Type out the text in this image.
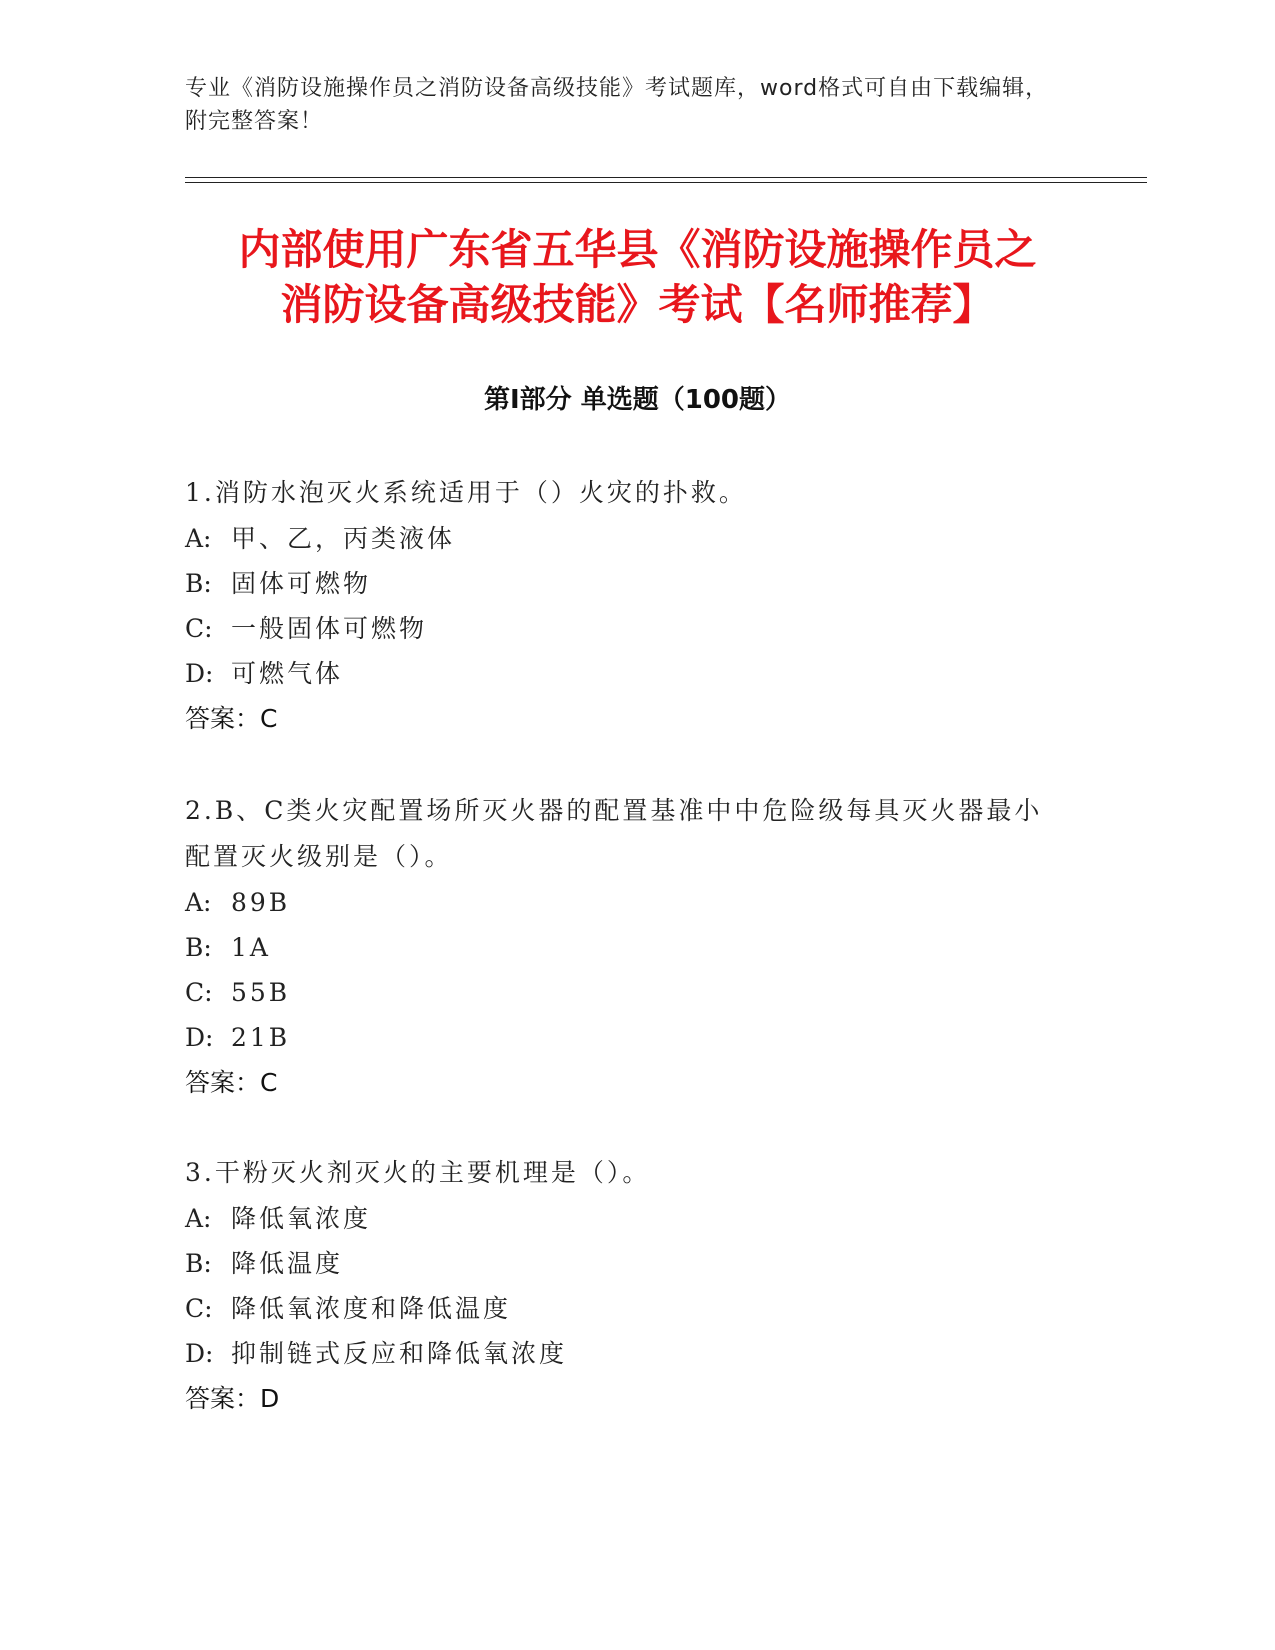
专业《消防设施操作员之消防设备高级技能》考试题库，word格式可自由下载编辑，附完整答案！

内部使用广东省五华县《消防设施操作员之
消防设备高级技能》考试【名师推荐】
第I部分 单选题（100题）

1.消防水泡灭火系统适用于（）火灾的扑救。

A: 甲、乙，丙类液体

B: 固体可燃物

C: 一般固体可燃物

D: 可燃气体

答案：C

2.B、C类火灾配置场所灭火器的配置基准中中危险级每具灭火器最小配置灭火级别是（）。

A: 89B

B: 1A

C: 55B

D: 21B

答案：C

3.干粉灭火剂灭火的主要机理是（）。

A: 降低氧浓度

B: 降低温度

C: 降低氧浓度和降低温度

D: 抑制链式反应和降低氧浓度

答案：D
